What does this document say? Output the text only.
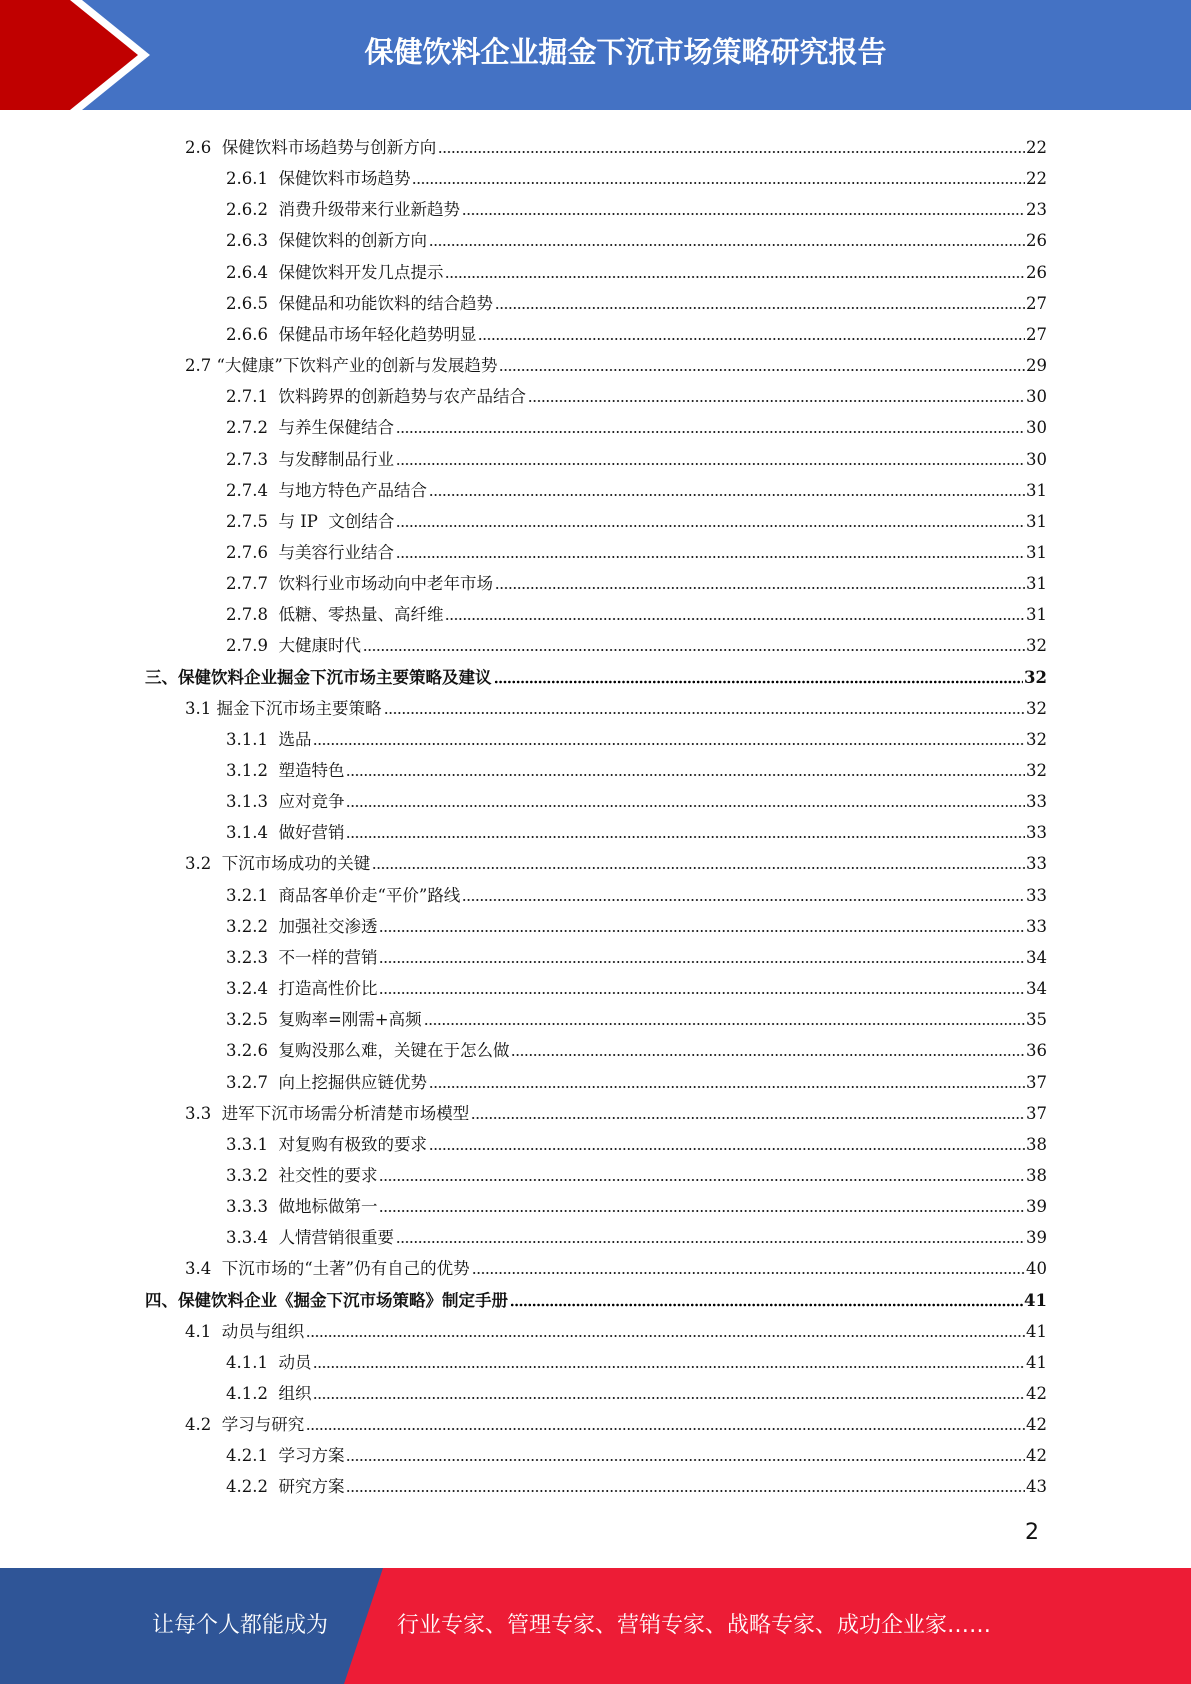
保健饮料企业掘金下沉市场策略研究报告
2.6 保健饮料市场趋势与创新方向	22
2.6.1 保健饮料市场趋势	22
2.6.2 消费升级带来行业新趋势	23
2.6.3 保健饮料的创新方向	26
2.6.4 保健饮料开发几点提示	26
2.6.5 保健品和功能饮料的结合趋势	27
2.6.6 保健品市场年轻化趋势明显	27
2.7 “大健康”下饮料产业的创新与发展趋势	29
2.7.1 饮料跨界的创新趋势与农产品结合	30
2.7.2 与养生保健结合	30
2.7.3 与发酵制品行业	30
2.7.4 与地方特色产品结合	31
2.7.5 与 IP  文创结合	31
2.7.6 与美容行业结合	31
2.7.7 饮料行业市场动向中老年市场	31
2.7.8 低糖、零热量、高纤维	31
2.7.9 大健康时代	32
三、 保健饮料企业掘金下沉市场主要策略及建议	32
3.1 掘金下沉市场主要策略	32
3.1.1 选品	32
3.1.2 塑造特色	32
3.1.3 应对竞争	33
3.1.4 做好营销	33
3.2 下沉市场成功的关键	33
3.2.1 商品客单价走“平价”路线	33
3.2.2 加强社交渗透	33
3.2.3 不一样的营销	34
3.2.4 打造高性价比	34
3.2.5 复购率=刚需+高频	35
3.2.6 复购没那么难，关键在于怎么做	36
3.2.7 向上挖掘供应链优势	37
3.3 进军下沉市场需分析清楚市场模型	37
3.3.1 对复购有极致的要求	38
3.3.2 社交性的要求	38
3.3.3 做地标做第一	39
3.3.4 人情营销很重要	39
3.4 下沉市场的“土著”仍有自己的优势	40
四、 保健饮料企业《掘金下沉市场策略》制定手册	41
4.1 动员与组织	41
4.1.1 动员	41
4.1.2 组织	42
4.2 学习与研究	42
4.2.1 学习方案	42
4.2.2 研究方案	43
2
让每个人都能成为	行业专家、管理专家、营销专家、战略专家、成功企业家……
